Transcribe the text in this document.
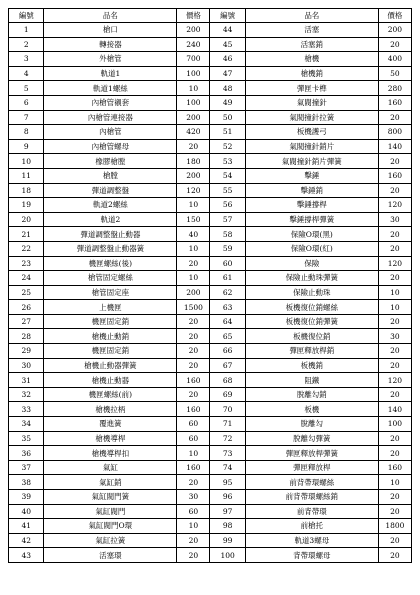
編號	品名	價格	編號	品名	價格
1	槍口	200	44	活塞	200
2	轉接器	240	45	活塞銷	20
3	外槍管	700	46	槍機	400
4	軌道1	100	47	槍機銷	50
5	軌道1螺絲	10	48	彈匣卡榫	280
6	內槍管襯套	100	49	氣閥撞針	160
7	內槍管連接器	200	50	氣閥撞針拉簧	20
8	內槍管	420	51	板機護弓	800
9	內槍管螺母	20	52	氣閥撞針銷片	140
10	橡膠槍膛	180	53	氣閥撞針銷片彈簧	20
11	槍膛	200	54	擊錘	160
18	彈道調整盤	120	55	擊錘銷	20
19	軌道2螺絲	10	56	擊錘撐桿	120
20	軌道2	150	57	擊錘撐桿彈簧	30
21	彈道調整盤止動器	40	58	保險O環(黑)	20
22	彈道調整盤止動器簧	10	59	保險O環(紅)	20
23	機匣螺絲(後)	20	60	保險	120
24	槍管固定螺絲	10	61	保險止動珠彈簧	20
25	槍管固定座	200	62	保險止動珠	10
26	上機匣	1500	63	板機復位銷螺絲	10
27	機匣固定銷	20	64	板機復位銷彈簧	20
28	槍機止動銷	20	65	板機復位銷	30
29	機匣固定銷	20	66	彈匣釋放桿銷	20
30	槍機止動器彈簧	20	67	板機銷	20
31	槍機止動器	160	68	阻鐵	120
32	機匣螺絲(前)	20	69	脫離勾銷	20
33	槍機拉柄	160	70	板機	140
34	覆進簧	60	71	脫離勾	100
35	槍機導桿	60	72	脫離勾彈簧	20
36	槍機導桿扣	10	73	彈匣釋放桿彈簧	20
37	氣缸	160	74	彈匣釋放桿	160
38	氣缸銷	20	95	前背帶環螺絲	10
39	氣缸閥門簧	30	96	前背帶環螺絲銷	20
40	氣缸閥門	60	97	前背帶環	20
41	氣缸閥門O環	10	98	前槍托	1800
42	氣缸拉簧	20	99	軌道3螺母	20
43	活塞環	20	100	背帶環螺母	20
